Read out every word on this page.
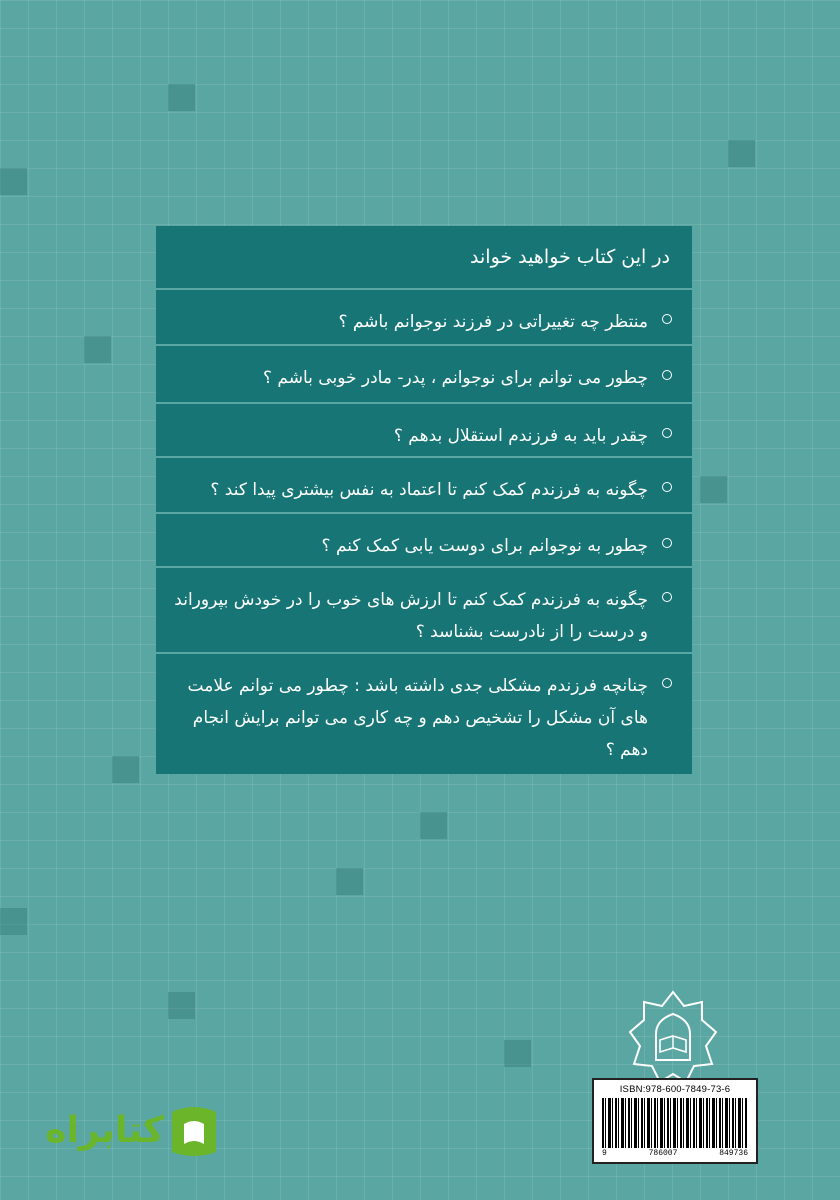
در این کتاب خواهید خواند
منتظر چه تغییراتی در فرزند نوجوانم باشم ؟
چطور می توانم برای نوجوانم ، پدر- مادر خوبی باشم ؟
چقدر باید به فرزندم استقلال بدهم ؟
چگونه به فرزندم کمک کنم تا اعتماد به نفس بیشتری پیدا کند ؟
چطور به نوجوانم برای دوست یابی کمک کنم ؟
چگونه به فرزندم کمک کنم تا ارزش های خوب را در خودش بپروراند و درست را از نادرست بشناسد ؟
چنانچه فرزندم مشکلی جدی داشته باشد : چطور می توانم علامت های آن مشکل را تشخیص دهم و چه کاری می توانم برایش انجام دهم ؟
ISBN:978-600-7849-73-6
9	786007	849736
کتابراه
